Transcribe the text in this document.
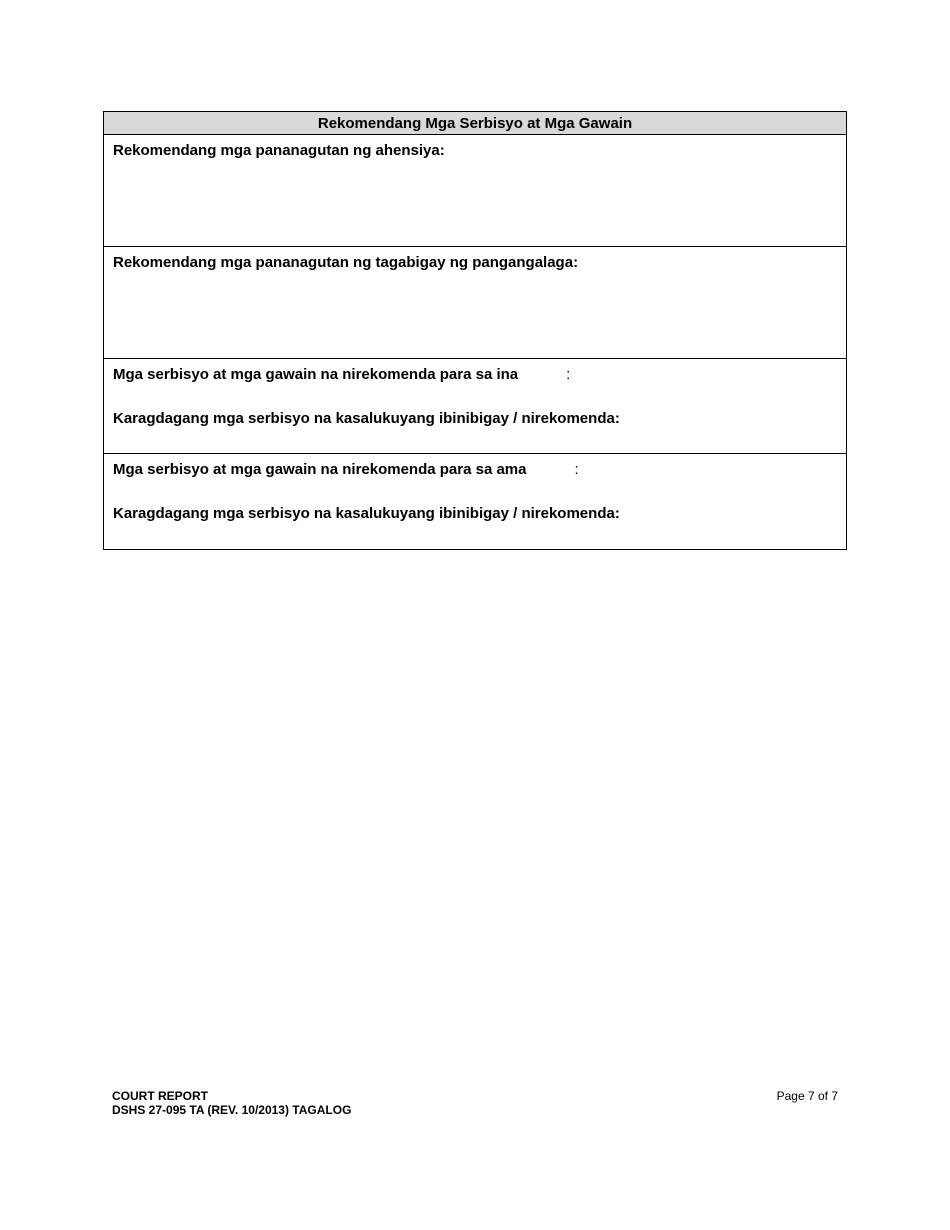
Rekomendang Mga Serbisyo at Mga Gawain
Rekomendang mga pananagutan ng ahensiya:
Rekomendang mga pananagutan ng tagabigay ng pangangalaga:
Mga serbisyo at mga gawain na nirekomenda para sa ina	:
Karagdagang mga serbisyo na kasalukuyang ibinibigay / nirekomenda:
Mga serbisyo at mga gawain na nirekomenda para sa ama	:
Karagdagang mga serbisyo na kasalukuyang ibinibigay / nirekomenda:
COURT REPORT
DSHS 27-095 TA (REV. 10/2013) TAGALOG
Page 7 of 7
